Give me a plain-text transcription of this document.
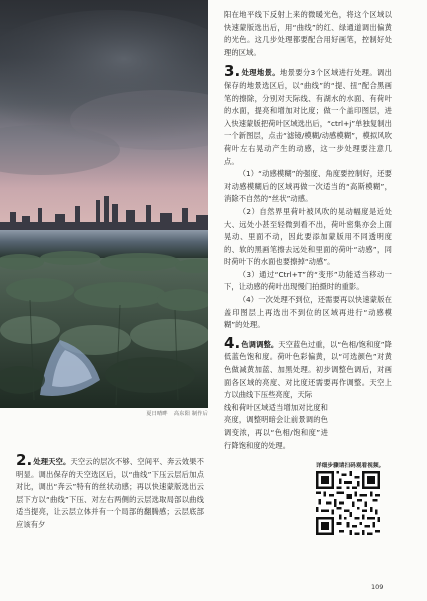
夏日晴畔 高东阳 制作后

2.处理天空。天空云的层次不够、空间平、奔云效果不明显。调出保存的天空选区后，以“曲线”下压云层后加点对比，调出“奔云”特有的丝状动感；再以快速蒙版选出云层下方以“曲线”下压、对左右两侧的云层选取局部以曲线适当提亮，让云层立体并有一个局部的翻腾感；云层底部应该有夕

阳在地平线下反射上来的微暖光色，将这个区域以快速蒙版选出后，用“曲线”的红、绿通道调出偏黄的光色。这几步处理都要配合用好画笔，控制好处理的区域。

3.处理地景。地景要分3个区域进行处理。调出保存的地景选区后，以“曲线”的“提、扭”配合黑画笔的擦除，分别对天际线、有湖水的水面、有荷叶的水面，提亮和增加对比度；做一个盖印图层，进入快速蒙版把荷叶区域选出后，“ctrl+j”单独复制出一个新图层，点击“滤镜/模糊/动感模糊”，模拟风吹荷叶左右晃动产生的动感，这一步处理要注意几点。

（1）“动感模糊”的强度、角度要控制好，还要对动感模糊后的区域再做一次适当的“高斯模糊”，消除不自然的“丝状”动感。

（2）自然界里荷叶被风吹的晃动幅度是近处大、远处小甚至轻微到看不出，荷叶密集亦会上面晃动、里面不动，因此要添加蒙版用不同透明度的、软的黑画笔擦去远处和里面的荷叶“动感”，同时荷叶下的水面也要擦掉“动感”。

（3）通过“Ctrl+T”的“变形”功能适当移动一下，让动感的荷叶出现慢门拍摄时的重影。

（4）一次处理不到位，还需要再以快速蒙版在盖印图层上再选出不到位的区域再进行“动感模糊”的处理。

4.色调调整。天空蓝色过重，以“色相/饱和度”降低蓝色饱和度。荷叶色彩偏黄，以“可选颜色”对黄色做减黄加蓝、加黑处理。初步调整色调后，对画面各区域的亮度、对比度还需要再作调整。天空上方以曲线下压些亮度，天际

线和荷叶区域适当增加对比度和亮度，调整明暗会让前景调的色调变浓，再以“色相/饱和度”进行降饱和度的处理。

详细步骤请扫码观看视频。
109
